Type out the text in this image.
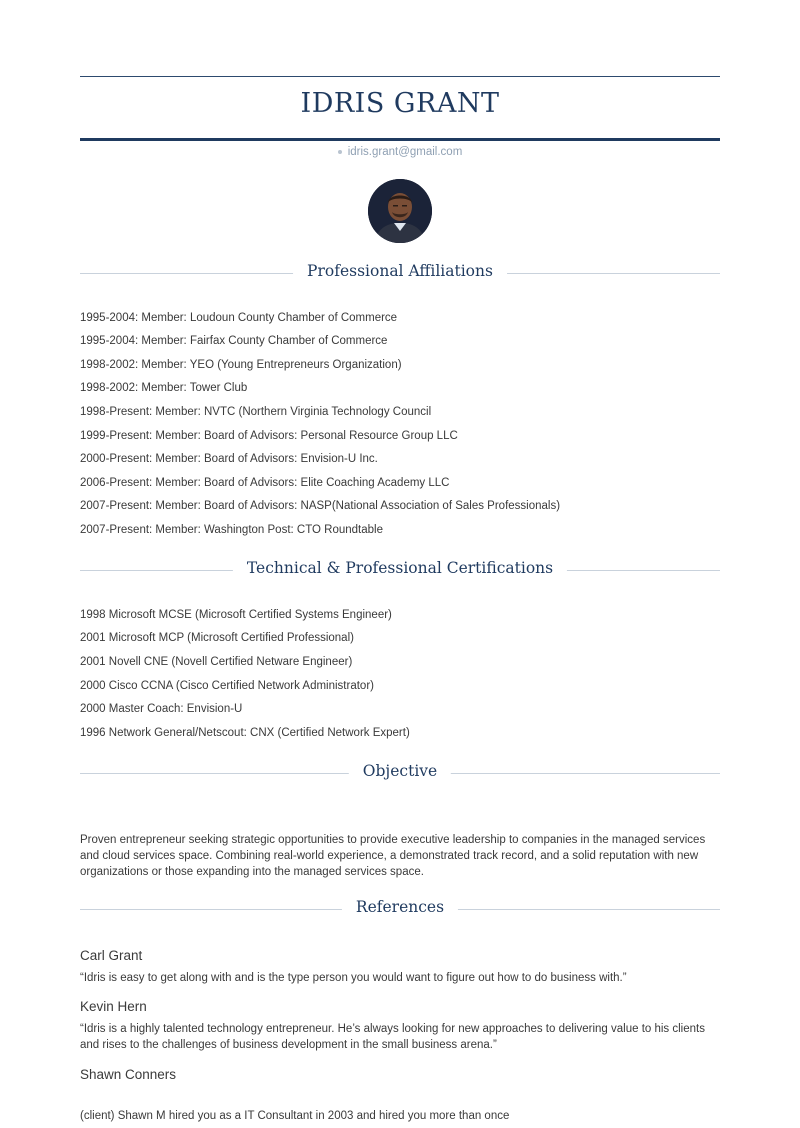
IDRIS GRANT
idris.grant@gmail.com
Professional Affiliations
1995-2004: Member: Loudoun County Chamber of Commerce
1995-2004: Member: Fairfax County Chamber of Commerce
1998-2002: Member: YEO (Young Entrepreneurs Organization)
1998-2002: Member: Tower Club
1998-Present: Member: NVTC (Northern Virginia Technology Council
1999-Present: Member: Board of Advisors: Personal Resource Group LLC
2000-Present: Member: Board of Advisors: Envision-U Inc.
2006-Present: Member: Board of Advisors: Elite Coaching Academy LLC
2007-Present: Member: Board of Advisors: NASP(National Association of Sales Professionals)
2007-Present: Member: Washington Post: CTO Roundtable
Technical & Professional Certifications
1998 Microsoft MCSE (Microsoft Certified Systems Engineer)
2001 Microsoft MCP (Microsoft Certified Professional)
2001 Novell CNE (Novell Certified Netware Engineer)
2000 Cisco CCNA (Cisco Certified Network Administrator)
2000 Master Coach: Envision-U
1996 Network General/Netscout: CNX (Certified Network Expert)
Objective
Proven entrepreneur seeking strategic opportunities to provide executive leadership to companies in the managed services and cloud services space. Combining real-world experience, a demonstrated track record, and a solid reputation with new organizations or those expanding into the managed services space.
References
Carl Grant
“Idris is easy to get along with and is the type person you would want to figure out how to do business with.”
Kevin Hern
“Idris is a highly talented technology entrepreneur. He’s always looking for new approaches to delivering value to his clients and rises to the challenges of business development in the small business arena.”
Shawn Conners
(client) Shawn M hired you as a IT Consultant in 2003 and hired you more than once
